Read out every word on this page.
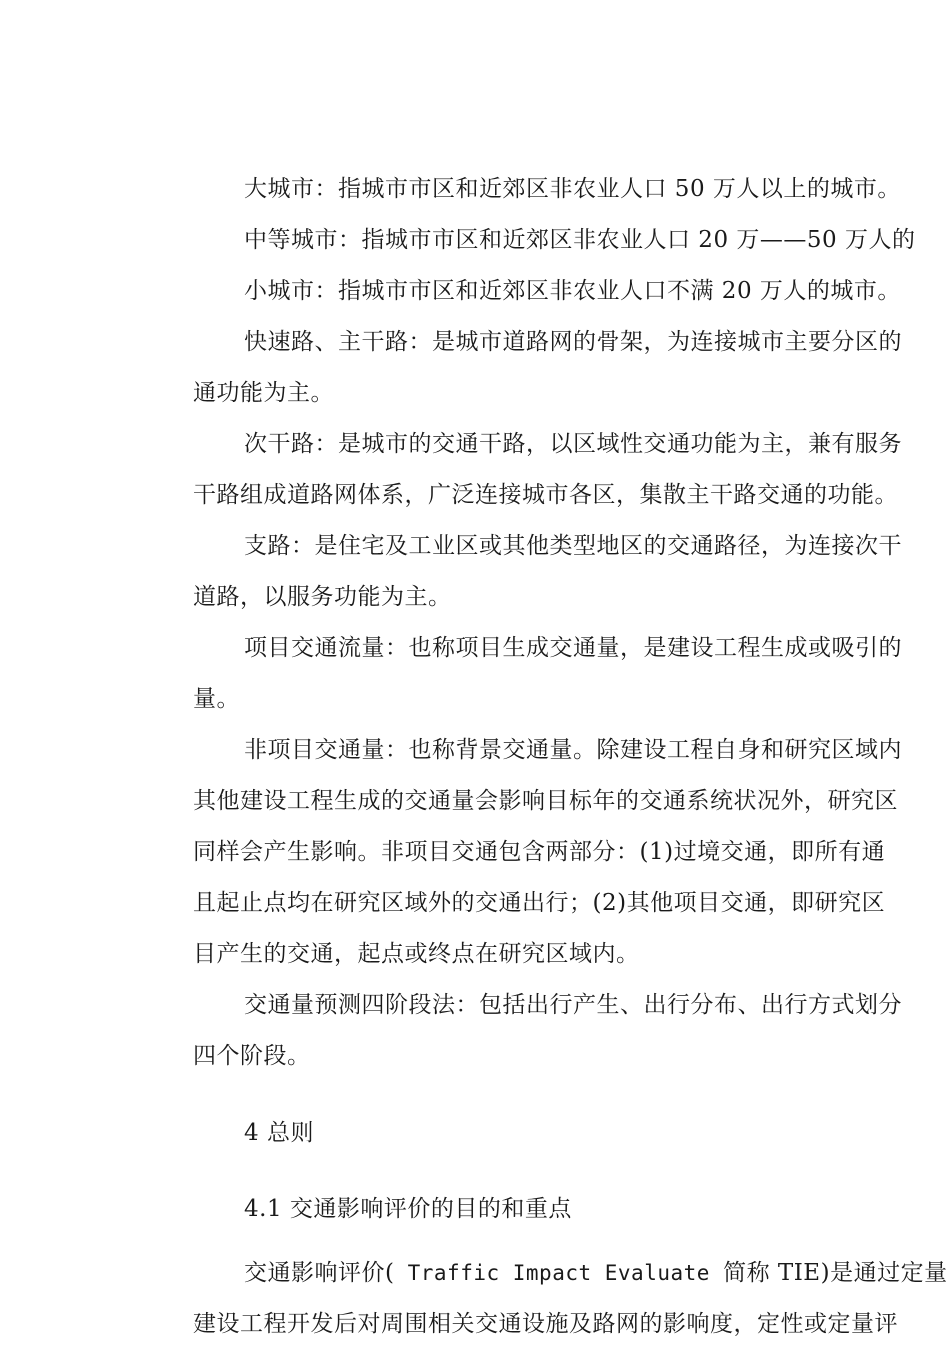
大城市：指城市市区和近郊区非农业人口 50 万人以上的城市。
中等城市：指城市市区和近郊区非农业人口 20 万——50 万人的
小城市：指城市市区和近郊区非农业人口不满 20 万人的城市。
快速路、主干路：是城市道路网的骨架，为连接城市主要分区的
通功能为主。
次干路：是城市的交通干路，以区域性交通功能为主，兼有服务
干路组成道路网体系，广泛连接城市各区，集散主干路交通的功能。
支路：是住宅及工业区或其他类型地区的交通路径，为连接次干
道路，以服务功能为主。
项目交通流量：也称项目生成交通量，是建设工程生成或吸引的
量。
非项目交通量：也称背景交通量。除建设工程自身和研究区域内
其他建设工程生成的交通量会影响目标年的交通系统状况外，研究区
同样会产生影响。非项目交通包含两部分：(1)过境交通，即所有通
且起止点均在研究区域外的交通出行；(2)其他项目交通，即研究区
目产生的交通，起点或终点在研究区域内。
交通量预测四阶段法：包括出行产生、出行分布、出行方式划分
四个阶段。
4 总则
4.1 交通影响评价的目的和重点
交通影响评价( Traffic Impact Evaluate 简称 TIE)是通过定量
建设工程开发后对周围相关交通设施及路网的影响度，定性或定量评
